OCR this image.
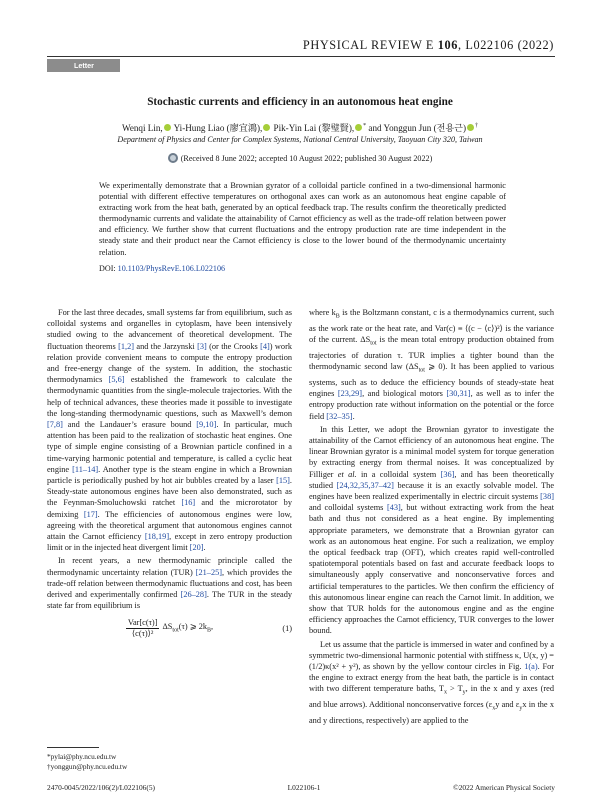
PHYSICAL REVIEW E 106, L022106 (2022)
Letter
Stochastic currents and efficiency in an autonomous heat engine
Wenqi Lin, Yi-Hung Liao (廖宜鴻), Pik-Yin Lai (黎璧賢), * and Yonggun Jun (전용근) †
Department of Physics and Center for Complex Systems, National Central University, Taoyuan City 320, Taiwan
(Received 8 June 2022; accepted 10 August 2022; published 30 August 2022)
We experimentally demonstrate that a Brownian gyrator of a colloidal particle confined in a two-dimensional harmonic potential with different effective temperatures on orthogonal axes can work as an autonomous heat engine capable of extracting work from the heat bath, generated by an optical feedback trap. The results confirm the theoretically predicted thermodynamic currents and validate the attainability of Carnot efficiency as well as the trade-off relation between power and efficiency. We further show that current fluctuations and the entropy production rate are time independent in the steady state and their product near the Carnot efficiency is close to the lower bound of the thermodynamic uncertainty relation.
DOI: 10.1103/PhysRevE.106.L022106

For the last three decades, small systems far from equilibrium, such as colloidal systems and organelles in cytoplasm, have been intensively studied owing to the advancement of theoretical development. The fluctuation theorems [1,2] and the Jarzynski [3] (or the Crooks [4]) work relation provide convenient means to compute the entropy production and free-energy change of the system. In addition, the stochastic thermodynamics [5,6] established the framework to calculate the thermodynamic quantities from the single-molecule trajectories. With the help of technical advances, these theories made it possible to investigate the long-standing thermodynamic questions, such as Maxwell’s demon [7,8] and the Landauer’s erasure bound [9,10]. In particular, much attention has been paid to the realization of stochastic heat engines. One type of simple engine consisting of a Brownian particle confined in a time-varying harmonic potential and temperature, is called a cyclic heat engine [11–14]. Another type is the steam engine in which a Brownian particle is periodically pushed by hot air bubbles created by a laser [15]. Steady-state autonomous engines have been also demonstrated, such as the Feynman-Smoluchowski ratchet [16] and the microrotator by demixing [17]. The efficiencies of autonomous engines were low, agreeing with the theoretical argument that autonomous engines cannot attain the Carnot efficiency [18,19], except in zero entropy production limit or in the injected heat divergent limit [20].

In recent years, a new thermodynamic principle called the thermodynamic uncertainty relation (TUR) [21–25], which provides the trade-off relation between thermodynamic fluctuations and cost, has been derived and experimentally confirmed [26–28]. The TUR in the steady state far from equilibrium is

$\frac{\text{Var[c(τ)]}}{\text{⟨c(τ)⟩²}} \Delta S_{tot}(\tau)$ ⩾ $2k_B$,	(1)

where $k_B$ is the Boltzmann constant, c is a thermodynamics current, such as the work rate or the heat rate, and Var(c) ≡ ⟨(c − ⟨c⟩)²⟩ is the variance of the current. $\Delta S_{tot}$ is the mean total entropy production obtained from trajectories of duration τ. TUR implies a tighter bound than the thermodynamic second law ($\Delta S_{tot}$ ⩾ 0). It has been applied to various systems, such as to deduce the efficiency bounds of steady-state heat engines [23,29], and biological motors [30,31], as well as to infer the entropy production rate without information on the potential or the force field [32–35].

In this Letter, we adopt the Brownian gyrator to investigate the attainability of the Carnot efficiency of an autonomous heat engine. The linear Brownian gyrator is a minimal model system for torque generation by extracting energy from thermal noises. It was conceptualized by Filliger et al. in a colloidal system [36], and has been theoretically studied [24,32,35,37–42] because it is an exactly solvable model. The engines have been realized experimentally in electric circuit systems [38] and colloidal systems [43], but without extracting work from the heat bath and thus not considered as a heat engine. By implementing appropriate parameters, we demonstrate that a Brownian gyrator can work as an autonomous heat engine. For such a realization, we employ the optical feedback trap (OFT), which creates rapid well-controlled spatiotemporal potentials based on fast and accurate feedback loops to simultaneously apply conservative and nonconservative forces and artificial temperatures to the particles. We then confirm the efficiency of this autonomous linear engine can reach the Carnot limit. In addition, we show that TUR holds for the autonomous engine and as the engine efficiency approaches the Carnot efficiency, TUR converges to the lower bound.

Let us assume that the particle is immersed in water and confined by a symmetric two-dimensional harmonic potential with stiffness κ, U(x, y) = (1/2)κ(x² + y²), as shown by the yellow contour circles in Fig. 1(a). For the engine to extract energy from the heat bath, the particle is in contact with two different temperature baths, $T_x > T_y$, in the x and y axes (red and blue arrows). Additional nonconservative forces ($\varepsilon_xy$ and $\varepsilon_yx$ in the x and y directions, respectively) are applied to the

*pylai@phy.ncu.edu.tw
†yonggun@phy.ncu.edu.tw
2470-0045/2022/106(2)/L022106(5)	L022106-1	©2022 American Physical Society
